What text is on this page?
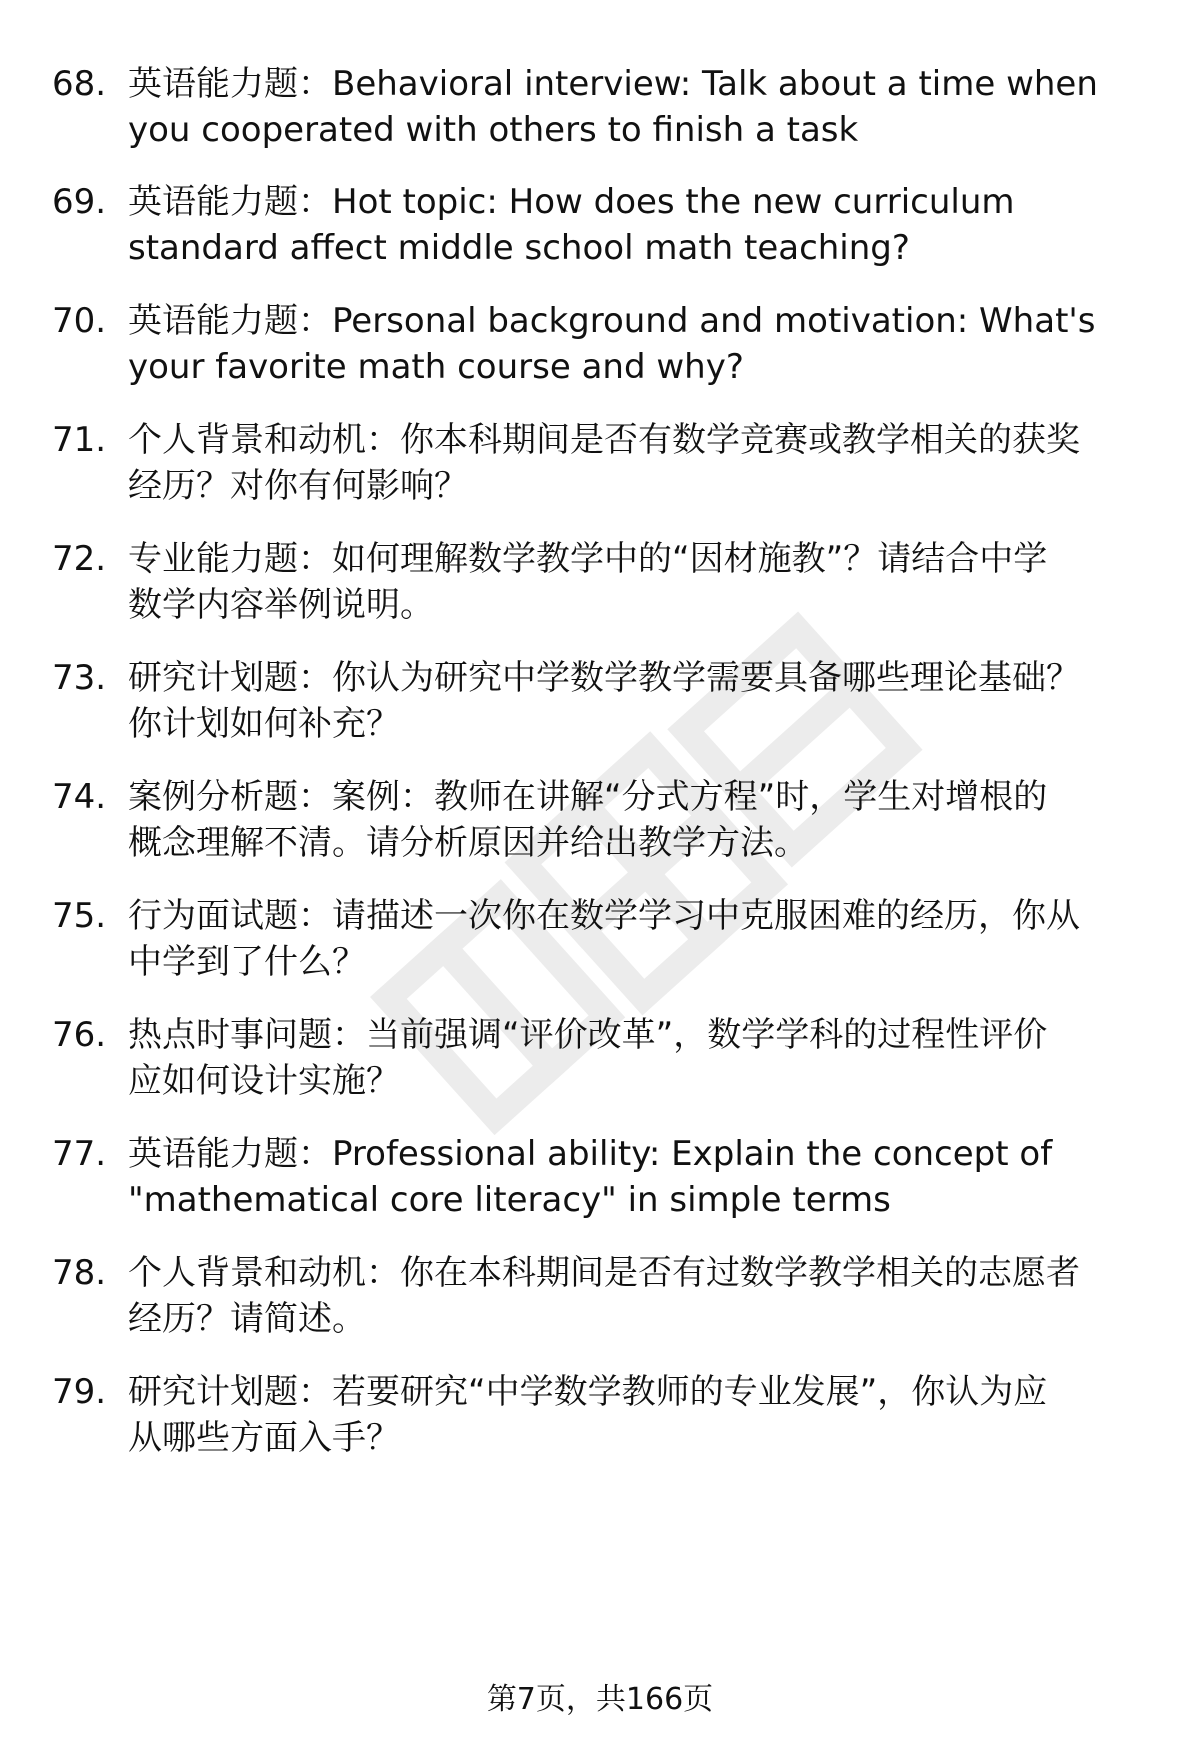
68. 英语能力题：Behavioral interview: Talk about a time when
you cooperated with others to finish a task
69. 英语能力题：Hot topic: How does the new curriculum
standard affect middle school math teaching?
70. 英语能力题：Personal background and motivation: What's
your favorite math course and why?
71. 个人背景和动机：你本科期间是否有数学竞赛或教学相关的获奖
经历？对你有何影响？
72. 专业能力题：如何理解数学教学中的“因材施教”？请结合中学
数学内容举例说明。
73. 研究计划题：你认为研究中学数学教学需要具备哪些理论基础？
你计划如何补充？
74. 案例分析题：案例：教师在讲解“分式方程”时，学生对增根的
概念理解不清。请分析原因并给出教学方法。
75. 行为面试题：请描述一次你在数学学习中克服困难的经历，你从
中学到了什么？
76. 热点时事问题：当前强调“评价改革”，数学学科的过程性评价
应如何设计实施？
77. 英语能力题：Professional ability: Explain the concept of
"mathematical core literacy" in simple terms
78. 个人背景和动机：你在本科期间是否有过数学教学相关的志愿者
经历？请简述。
79. 研究计划题：若要研究“中学数学教师的专业发展”，你认为应
从哪些方面入手？
第7页，共166页
